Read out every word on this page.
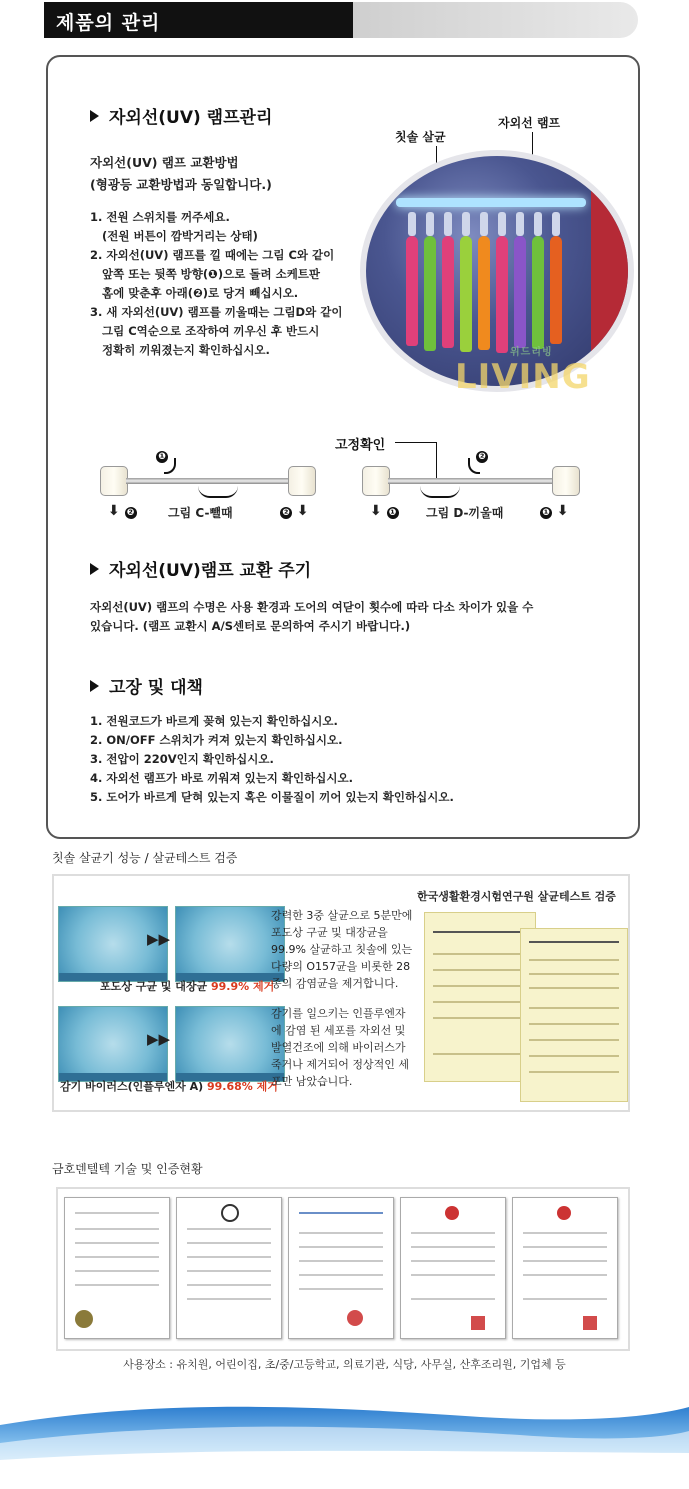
제품의 관리
자외선(UV) 램프관리
자외선(UV) 램프 교환방법
(형광등 교환방법과 동일합니다.)
1. 전원 스위치를 꺼주세요.
(전원 버튼이 깜박거리는 상태)
2. 자외선(UV) 램프를 낄 때에는 그림 C와 같이
앞쪽 또는 뒷쪽 방향(❶)으로 돌려 소케트판
홈에 맞춘후 아래(❷)로 당겨 빼십시오.
3. 새 자외선(UV) 램프를 끼울때는 그림D와 같이
그림 C역순으로 조작하여 끼우신 후 반드시
정확히 끼워졌는지 확인하십시오.
칫솔 살균
자외선 램프
위드리빙
LIVING
❶
⬇ ❷	❷ ⬇
그림 C-뺄때
고정확인
❷
⬇ ❶	❶ ⬇
그림 D-끼울때
자외선(UV)램프 교환 주기
자외선(UV) 램프의 수명은 사용 환경과 도어의 여닫이 횟수에 따라 다소 차이가 있을 수
있습니다. (램프 교환시 A/S센터로 문의하여 주시기 바랍니다.)
고장 및 대책
1. 전원코드가 바르게 꽂혀 있는지 확인하십시오.
2. ON/OFF 스위치가 켜져 있는지 확인하십시오.
3. 전압이 220V인지 확인하십시오.
4. 자외선 램프가 바로 끼워져 있는지 확인하십시오.
5. 도어가 바르게 닫혀 있는지 혹은 이물질이 끼어 있는지 확인하십시오.
칫솔 살균기 성능 / 살균테스트 검증
▶▶
포도상 구균 및 대장균 99.9% 제거
▶▶
감기 바이러스(인플루엔자 A) 99.68% 제거
강력한 3중 살균으로 5분만에
포도상 구균 및 대장균을
99.9% 살균하고 칫솔에 있는
다량의 O157균을 비롯한 28
종의 감염균을 제거합니다.
감기를 일으키는 인플루엔자
에 감염 된 세포를 자외선 및
발열건조에 의해 바이러스가
죽거나 제거되어 정상적인 세
포만 남았습니다.
한국생활환경시험연구원 살균테스트 검증
금호덴텔텍 기술 및 인증현황
사용장소 : 유치원, 어린이집, 초/중/고등학교, 의료기관, 식당, 사무실, 산후조리원, 기업체 등
